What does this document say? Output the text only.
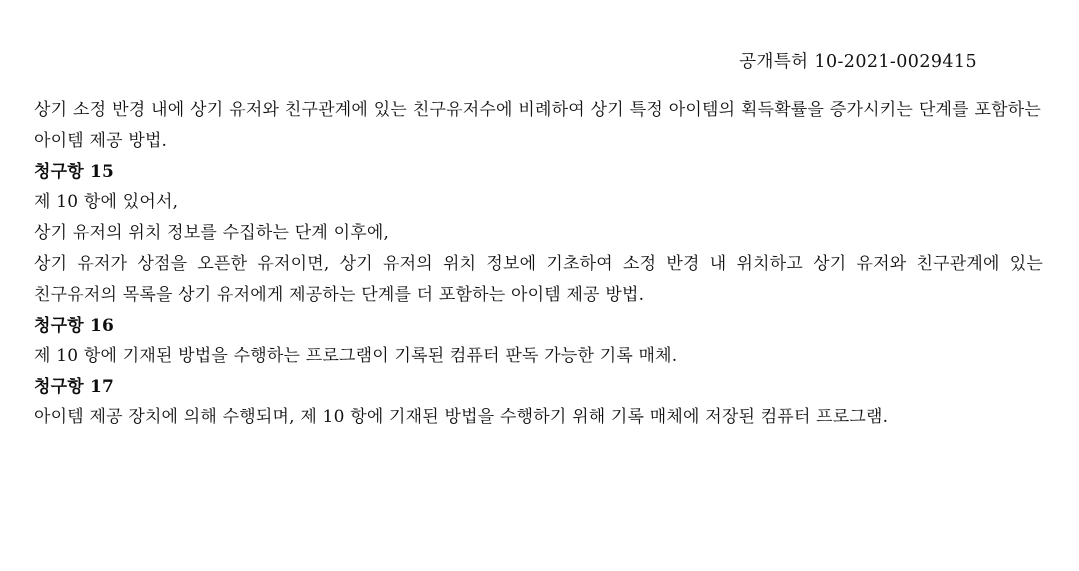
공개특허 10-2021-0029415

상기 소정 반경 내에 상기 유저와 친구관계에 있는 친구유저수에 비례하여 상기 특정 아이템의 획득확률을 증가시키는 단계를 포함하는 아이템 제공 방법.

청구항 15

제 10 항에 있어서,

상기 유저의 위치 정보를 수집하는 단계 이후에,

상기 유저가 상점을 오픈한 유저이면, 상기 유저의 위치 정보에 기초하여 소정 반경 내 위치하고 상기 유저와 친구관계에 있는 친구유저의 목록을 상기 유저에게 제공하는 단계를 더 포함하는 아이템 제공 방법.

청구항 16

제 10 항에 기재된 방법을 수행하는 프로그램이 기록된 컴퓨터 판독 가능한 기록 매체.

청구항 17

아이템 제공 장치에 의해 수행되며, 제 10 항에 기재된 방법을 수행하기 위해 기록 매체에 저장된 컴퓨터 프로그램.
